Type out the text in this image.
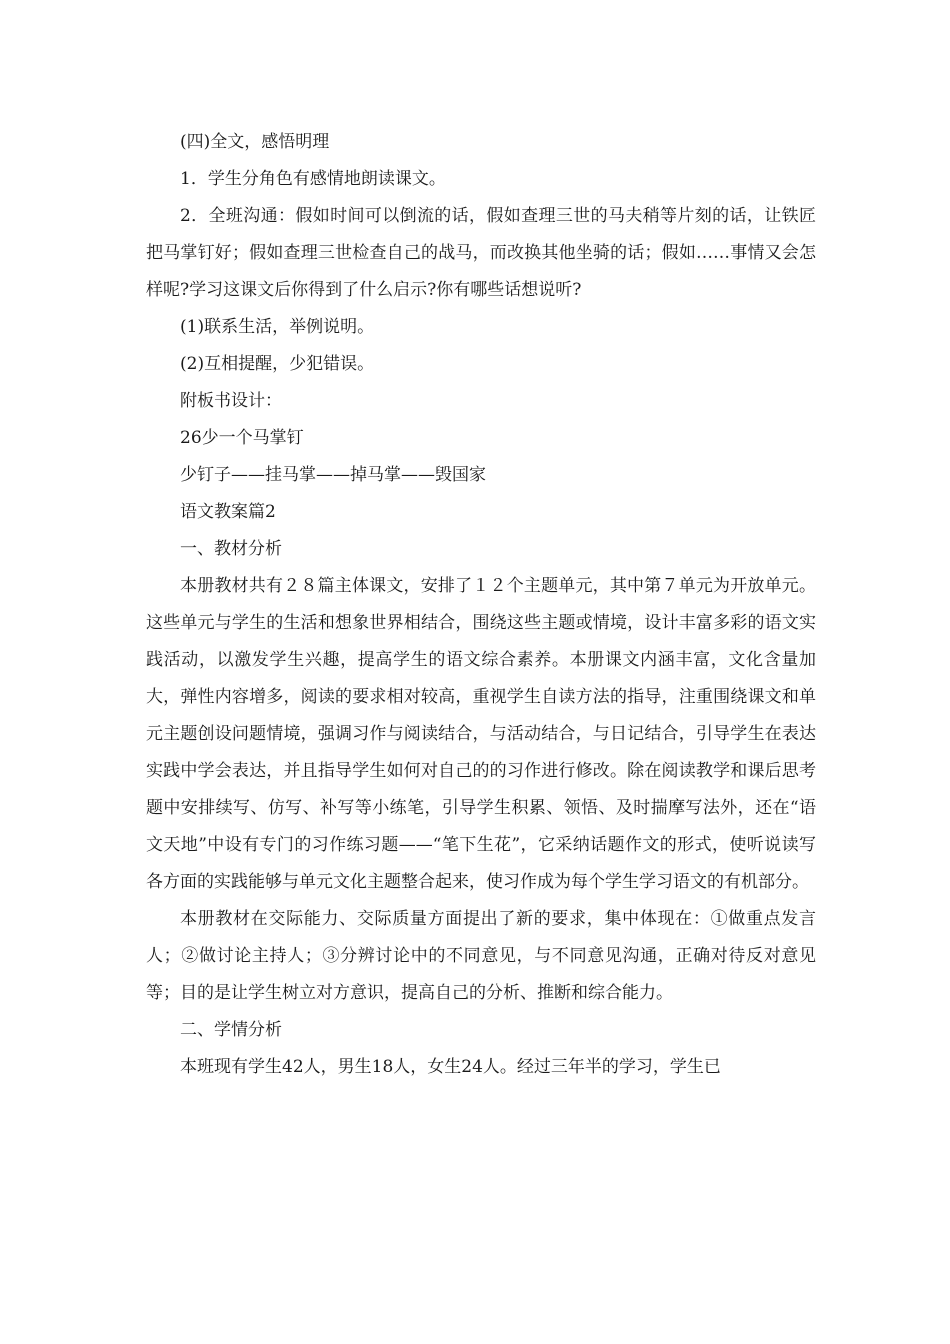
(四)全文，感悟明理

1．学生分角色有感情地朗读课文。

2．全班沟通：假如时间可以倒流的话，假如查理三世的马夫稍等片刻的话，让铁匠把马掌钉好；假如查理三世检查自己的战马，而改换其他坐骑的话；假如……事情又会怎样呢?学习这课文后你得到了什么启示?你有哪些话想说听?

(1)联系生活，举例说明。

(2)互相提醒，少犯错误。

附板书设计：

26少一个马掌钉

少钉子——挂马掌——掉马掌——毁国家

语文教案篇2

一、教材分析

本册教材共有２８篇主体课文，安排了１２个主题单元，其中第７单元为开放单元。这些单元与学生的生活和想象世界相结合，围绕这些主题或情境，设计丰富多彩的语文实践活动，以激发学生兴趣，提高学生的语文综合素养。本册课文内涵丰富，文化含量加大，弹性内容增多，阅读的要求相对较高，重视学生自读方法的指导，注重围绕课文和单元主题创设问题情境，强调习作与阅读结合，与活动结合，与日记结合，引导学生在表达实践中学会表达，并且指导学生如何对自己的的习作进行修改。除在阅读教学和课后思考题中安排续写、仿写、补写等小练笔，引导学生积累、领悟、及时揣摩写法外，还在“语文天地”中设有专门的习作练习题——“笔下生花”，它采纳话题作文的形式，使听说读写各方面的实践能够与单元文化主题整合起来，使习作成为每个学生学习语文的有机部分。

本册教材在交际能力、交际质量方面提出了新的要求，集中体现在：①做重点发言人；②做讨论主持人；③分辨讨论中的不同意见，与不同意见沟通，正确对待反对意见等；目的是让学生树立对方意识，提高自己的分析、推断和综合能力。

二、学情分析

本班现有学生42人，男生18人，女生24人。经过三年半的学习，学生已
